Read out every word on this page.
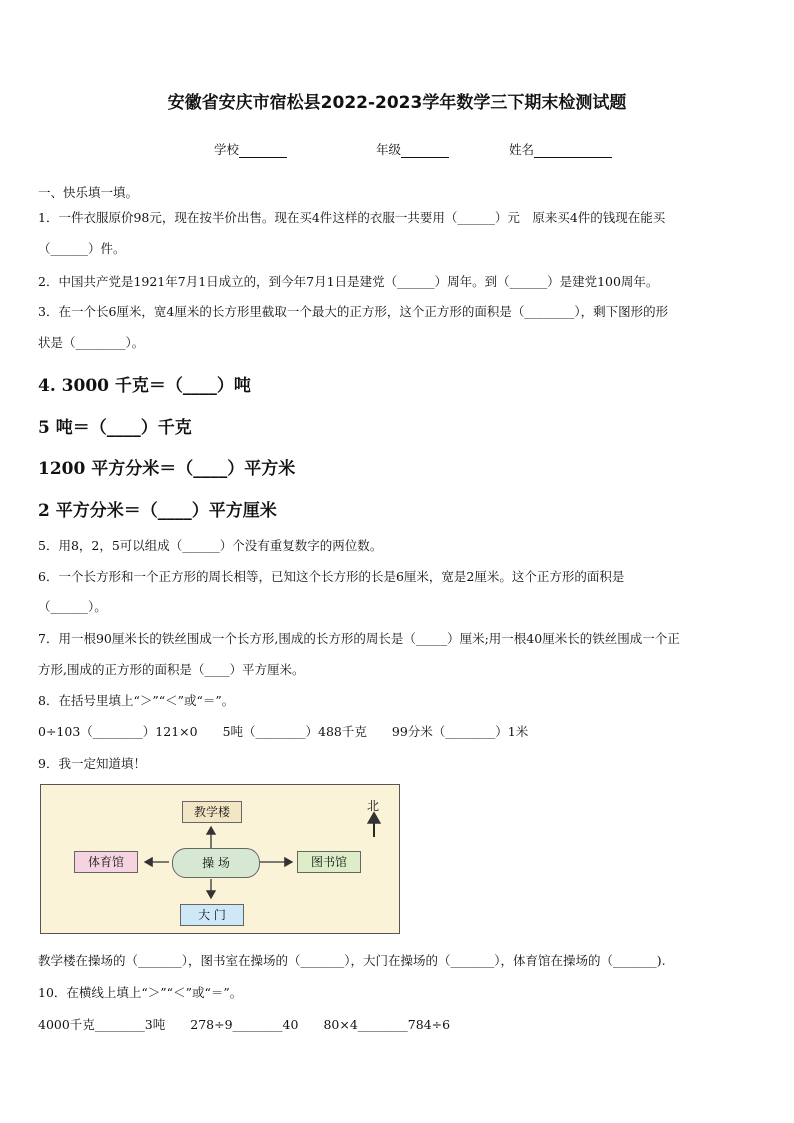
安徽省安庆市宿松县2022-2023学年数学三下期末检测试题
学校	年级	姓名
一、快乐填一填。
1．一件衣服原价98元，现在按半价出售。现在买4件这样的衣服一共要用（______）元　原来买4件的钱现在能买
（______）件。
2．中国共产党是1921年7月1日成立的，到今年7月1日是建党（______）周年。到（______）是建党100周年。
3．在一个长6厘米，宽4厘米的长方形里截取一个最大的正方形，这个正方形的面积是（________），剩下图形的形
状是（________）。
4. 3000 千克＝（____）吨
5 吨＝（____）千克
1200 平方分米＝（____）平方米
2 平方分米＝（____）平方厘米
5．用8，2，5可以组成（______）个没有重复数字的两位数。
6．一个长方形和一个正方形的周长相等，已知这个长方形的长是6厘米，宽是2厘米。这个正方形的面积是
（______）。
7．用一根90厘米长的铁丝围成一个长方形,围成的长方形的周长是（_____）厘米;用一根40厘米长的铁丝围成一个正
方形,围成的正方形的面积是（____）平方厘米。
8．在括号里填上“＞”“＜”或“＝”。
0÷103（________）121×0　　5吨（________）488千克　　99分米（________）1米
9．我一定知道填！
北
教学楼
操 场
体育馆	图书馆
大 门
教学楼在操场的（_______），图书室在操场的（_______），大门在操场的（_______），体育馆在操场的（_______).
10．在横线上填上“＞”“＜”或“＝”。
4000千克________3吨　　278÷9________40　　80×4________784÷6
